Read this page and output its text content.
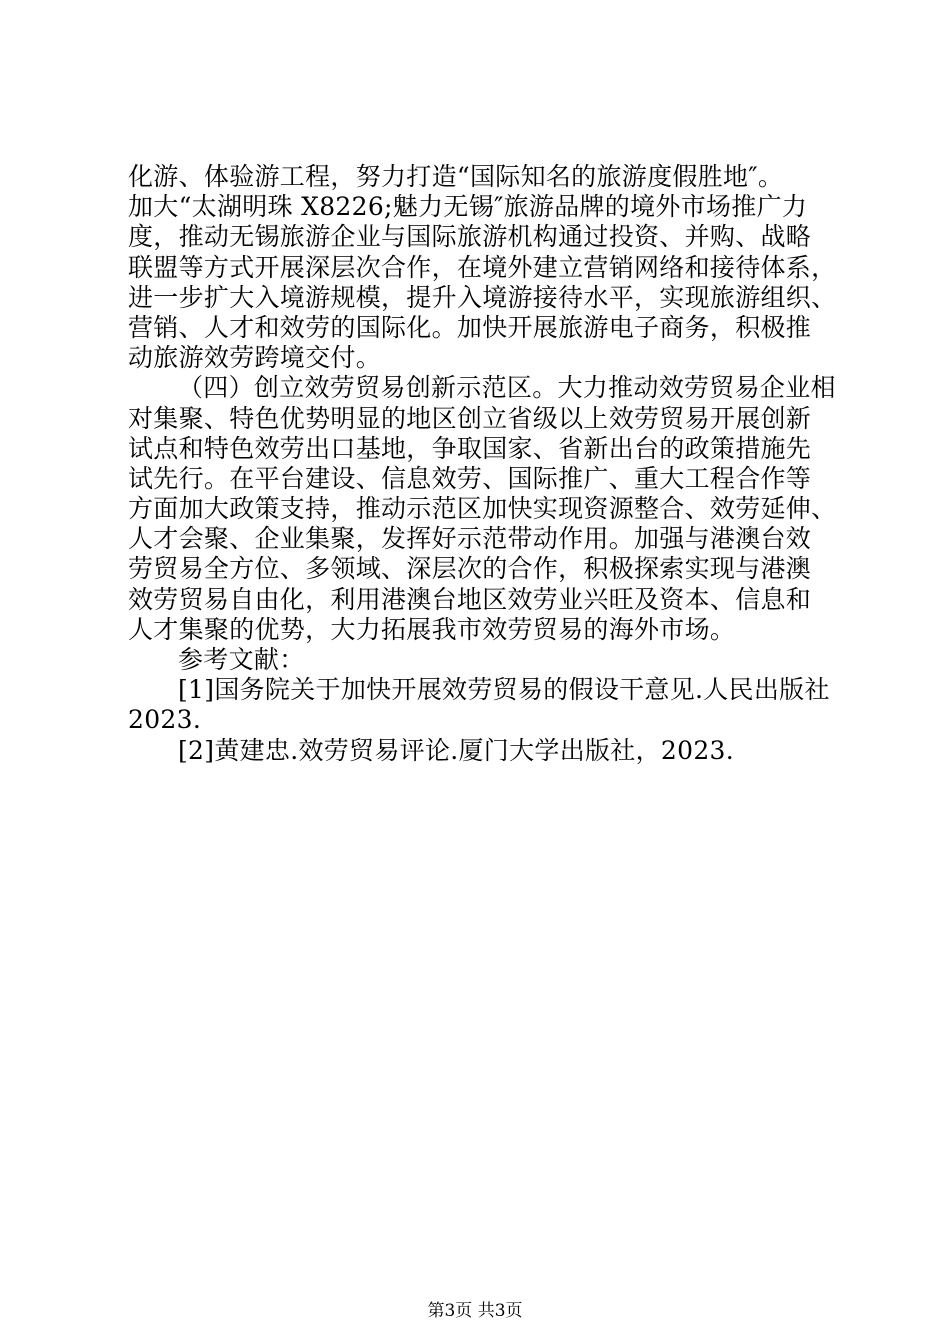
化游、体验游工程，努力打造“国际知名的旅游度假胜地″。
加大“太湖明珠 X8226;魅力无锡″旅游品牌的境外市场推广力
度，推动无锡旅游企业与国际旅游机构通过投资、并购、战略
联盟等方式开展深层次合作，在境外建立营销网络和接待体系，
进一步扩大入境游规模，提升入境游接待水平，实现旅游组织、
营销、人才和效劳的国际化。加快开展旅游电子商务，积极推
动旅游效劳跨境交付。
（四）创立效劳贸易创新示范区。大力推动效劳贸易企业相
对集聚、特色优势明显的地区创立省级以上效劳贸易开展创新
试点和特色效劳出口基地，争取国家、省新出台的政策措施先
试先行。在平台建设、信息效劳、国际推广、重大工程合作等
方面加大政策支持，推动示范区加快实现资源整合、效劳延伸、
人才会聚、企业集聚，发挥好示范带动作用。加强与港澳台效
劳贸易全方位、多领域、深层次的合作，积极探索实现与港澳
效劳贸易自由化，利用港澳台地区效劳业兴旺及资本、信息和
人才集聚的优势，大力拓展我市效劳贸易的海外市场。
参考文献：
[1]国务院关于加快开展效劳贸易的假设干意见.人民出版社
2023.
[2]黄建忠.效劳贸易评论.厦门大学出版社，2023.
第3页 共3页
